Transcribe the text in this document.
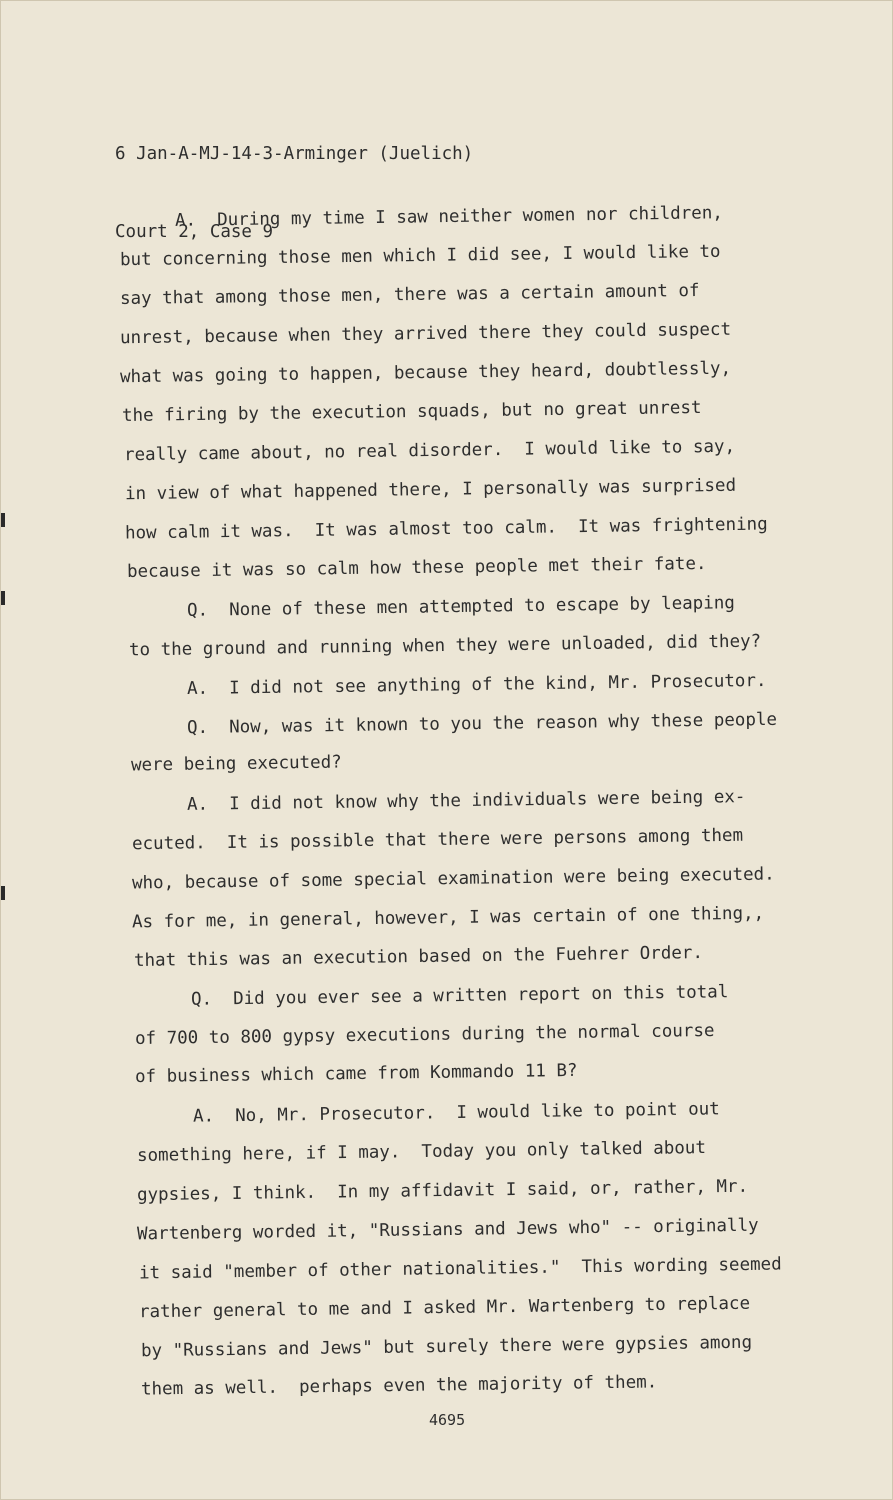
6 Jan-A-MJ-14-3-Arminger (Juelich)

Court 2, Case 9

A.  During my time I saw neither women nor children,
but concerning those men which I did see, I would like to
say that among those men, there was a certain amount of
unrest, because when they arrived there they could suspect
what was going to happen, because they heard, doubtlessly,
the firing by the execution squads, but no great unrest
really came about, no real disorder.  I would like to say,
in view of what happened there, I personally was surprised
how calm it was.  It was almost too calm.  It was frightening
because it was so calm how these people met their fate.
Q.  None of these men attempted to escape by leaping
to the ground and running when they were unloaded, did they?
A.  I did not see anything of the kind, Mr. Prosecutor.
Q.  Now, was it known to you the reason why these people
were being executed?
A.  I did not know why the individuals were being ex-
ecuted.  It is possible that there were persons among them
who, because of some special examination were being executed.
As for me, in general, however, I was certain of one thing,,
that this was an execution based on the Fuehrer Order.
Q.  Did you ever see a written report on this total
of 700 to 800 gypsy executions during the normal course
of business which came from Kommando 11 B?
A.  No, Mr. Prosecutor.  I would like to point out
something here, if I may.  Today you only talked about
gypsies, I think.  In my affidavit I said, or, rather, Mr.
Wartenberg worded it, "Russians and Jews who" -- originally
it said "member of other nationalities."  This wording seemed
rather general to me and I asked Mr. Wartenberg to replace
by "Russians and Jews" but surely there were gypsies among
them as well.  perhaps even the majority of them.
4695
